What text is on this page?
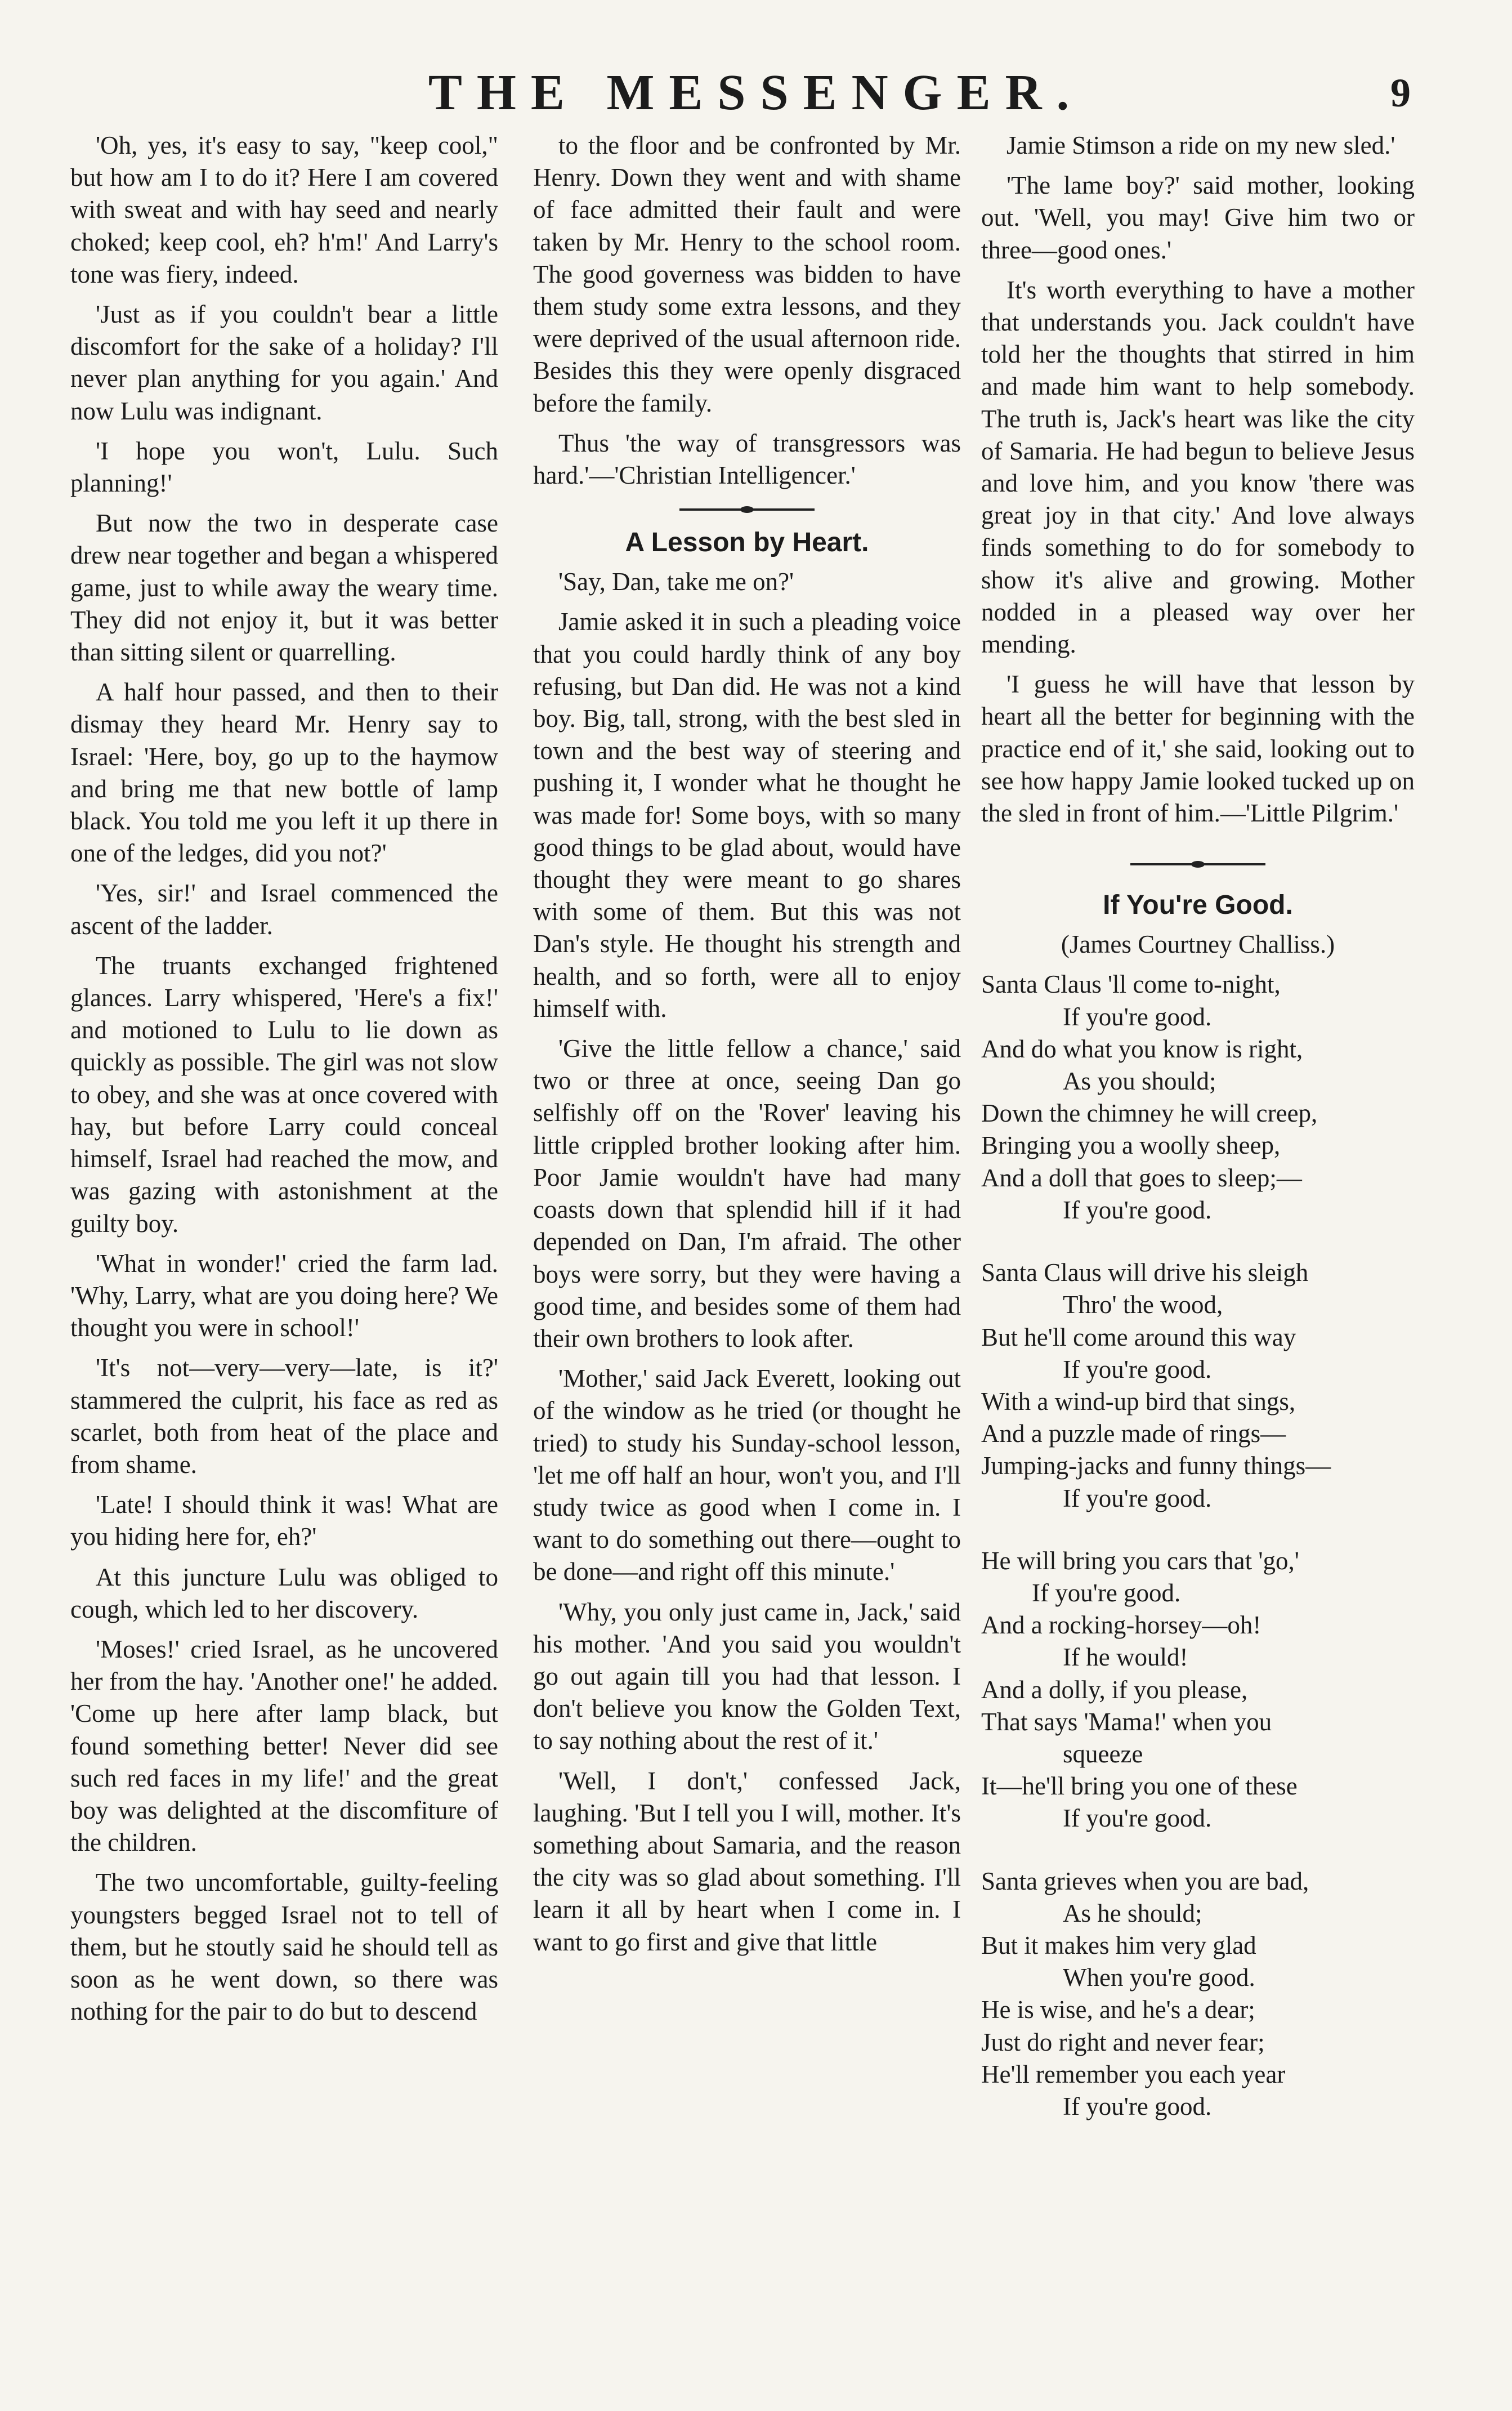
THE MESSENGER.	9

'Oh, yes, it's easy to say, "keep cool," but how am I to do it? Here I am covered with sweat and with hay seed and nearly choked; keep cool, eh? h'm!' And Larry's tone was fiery, indeed.

'Just as if you couldn't bear a little discomfort for the sake of a holiday? I'll never plan anything for you again.' And now Lulu was indignant.

'I hope you won't, Lulu. Such planning!'

But now the two in desperate case drew near together and began a whispered game, just to while away the weary time. They did not enjoy it, but it was better than sitting silent or quarrelling.

A half hour passed, and then to their dismay they heard Mr. Henry say to Israel: 'Here, boy, go up to the haymow and bring me that new bottle of lamp black. You told me you left it up there in one of the ledges, did you not?'

'Yes, sir!' and Israel commenced the ascent of the ladder.

The truants exchanged frightened glances. Larry whispered, 'Here's a fix!' and motioned to Lulu to lie down as quickly as possible. The girl was not slow to obey, and she was at once covered with hay, but before Larry could conceal himself, Israel had reached the mow, and was gazing with astonishment at the guilty boy.

'What in wonder!' cried the farm lad. 'Why, Larry, what are you doing here? We thought you were in school!'

'It's not—very—very—late, is it?' stammered the culprit, his face as red as scarlet, both from heat of the place and from shame.

'Late! I should think it was! What are you hiding here for, eh?'

At this juncture Lulu was obliged to cough, which led to her discovery.

'Moses!' cried Israel, as he uncovered her from the hay. 'Another one!' he added. 'Come up here after lamp black, but found something better! Never did see such red faces in my life!' and the great boy was delighted at the discomfiture of the children.

The two uncomfortable, guilty-feeling youngsters begged Israel not to tell of them, but he stoutly said he should tell as soon as he went down, so there was nothing for the pair to do but to descend

to the floor and be confronted by Mr. Henry. Down they went and with shame of face admitted their fault and were taken by Mr. Henry to the school room. The good governess was bidden to have them study some extra lessons, and they were deprived of the usual afternoon ride. Besides this they were openly disgraced before the family.

Thus 'the way of transgressors was hard.'—'Christian Intelligencer.'

A Lesson by Heart.

'Say, Dan, take me on?'

Jamie asked it in such a pleading voice that you could hardly think of any boy refusing, but Dan did. He was not a kind boy. Big, tall, strong, with the best sled in town and the best way of steering and pushing it, I wonder what he thought he was made for! Some boys, with so many good things to be glad about, would have thought they were meant to go shares with some of them. But this was not Dan's style. He thought his strength and health, and so forth, were all to enjoy himself with.

'Give the little fellow a chance,' said two or three at once, seeing Dan go selfishly off on the 'Rover' leaving his little crippled brother looking after him. Poor Jamie wouldn't have had many coasts down that splendid hill if it had depended on Dan, I'm afraid. The other boys were sorry, but they were having a good time, and besides some of them had their own brothers to look after.

'Mother,' said Jack Everett, looking out of the window as he tried (or thought he tried) to study his Sunday-school lesson, 'let me off half an hour, won't you, and I'll study twice as good when I come in. I want to do something out there—ought to be done—and right off this minute.'

'Why, you only just came in, Jack,' said his mother. 'And you said you wouldn't go out again till you had that lesson. I don't believe you know the Golden Text, to say nothing about the rest of it.'

'Well, I don't,' confessed Jack, laughing. 'But I tell you I will, mother. It's something about Samaria, and the reason the city was so glad about something. I'll learn it all by heart when I come in. I want to go first and give that little

Jamie Stimson a ride on my new sled.'

'The lame boy?' said mother, looking out. 'Well, you may! Give him two or three—good ones.'

It's worth everything to have a mother that understands you. Jack couldn't have told her the thoughts that stirred in him and made him want to help somebody. The truth is, Jack's heart was like the city of Samaria. He had begun to believe Jesus and love him, and you know 'there was great joy in that city.' And love always finds something to do for somebody to show it's alive and growing. Mother nodded in a pleased way over her mending.

'I guess he will have that lesson by heart all the better for beginning with the practice end of it,' she said, looking out to see how happy Jamie looked tucked up on the sled in front of him.—'Little Pilgrim.'

If You're Good.
(James Courtney Challiss.)
Santa Claus 'll come to-night,
If you're good.
And do what you know is right,
As you should;
Down the chimney he will creep,
Bringing you a woolly sheep,
And a doll that goes to sleep;—
If you're good.
Santa Claus will drive his sleigh
Thro' the wood,
But he'll come around this way
If you're good.
With a wind-up bird that sings,
And a puzzle made of rings—
Jumping-jacks and funny things—
If you're good.
He will bring you cars that 'go,'
If you're good.
And a rocking-horsey—oh!
If he would!
And a dolly, if you please,
That says 'Mama!' when you
squeeze
It—he'll bring you one of these
If you're good.
Santa grieves when you are bad,
As he should;
But it makes him very glad
When you're good.
He is wise, and he's a dear;
Just do right and never fear;
He'll remember you each year
If you're good.
